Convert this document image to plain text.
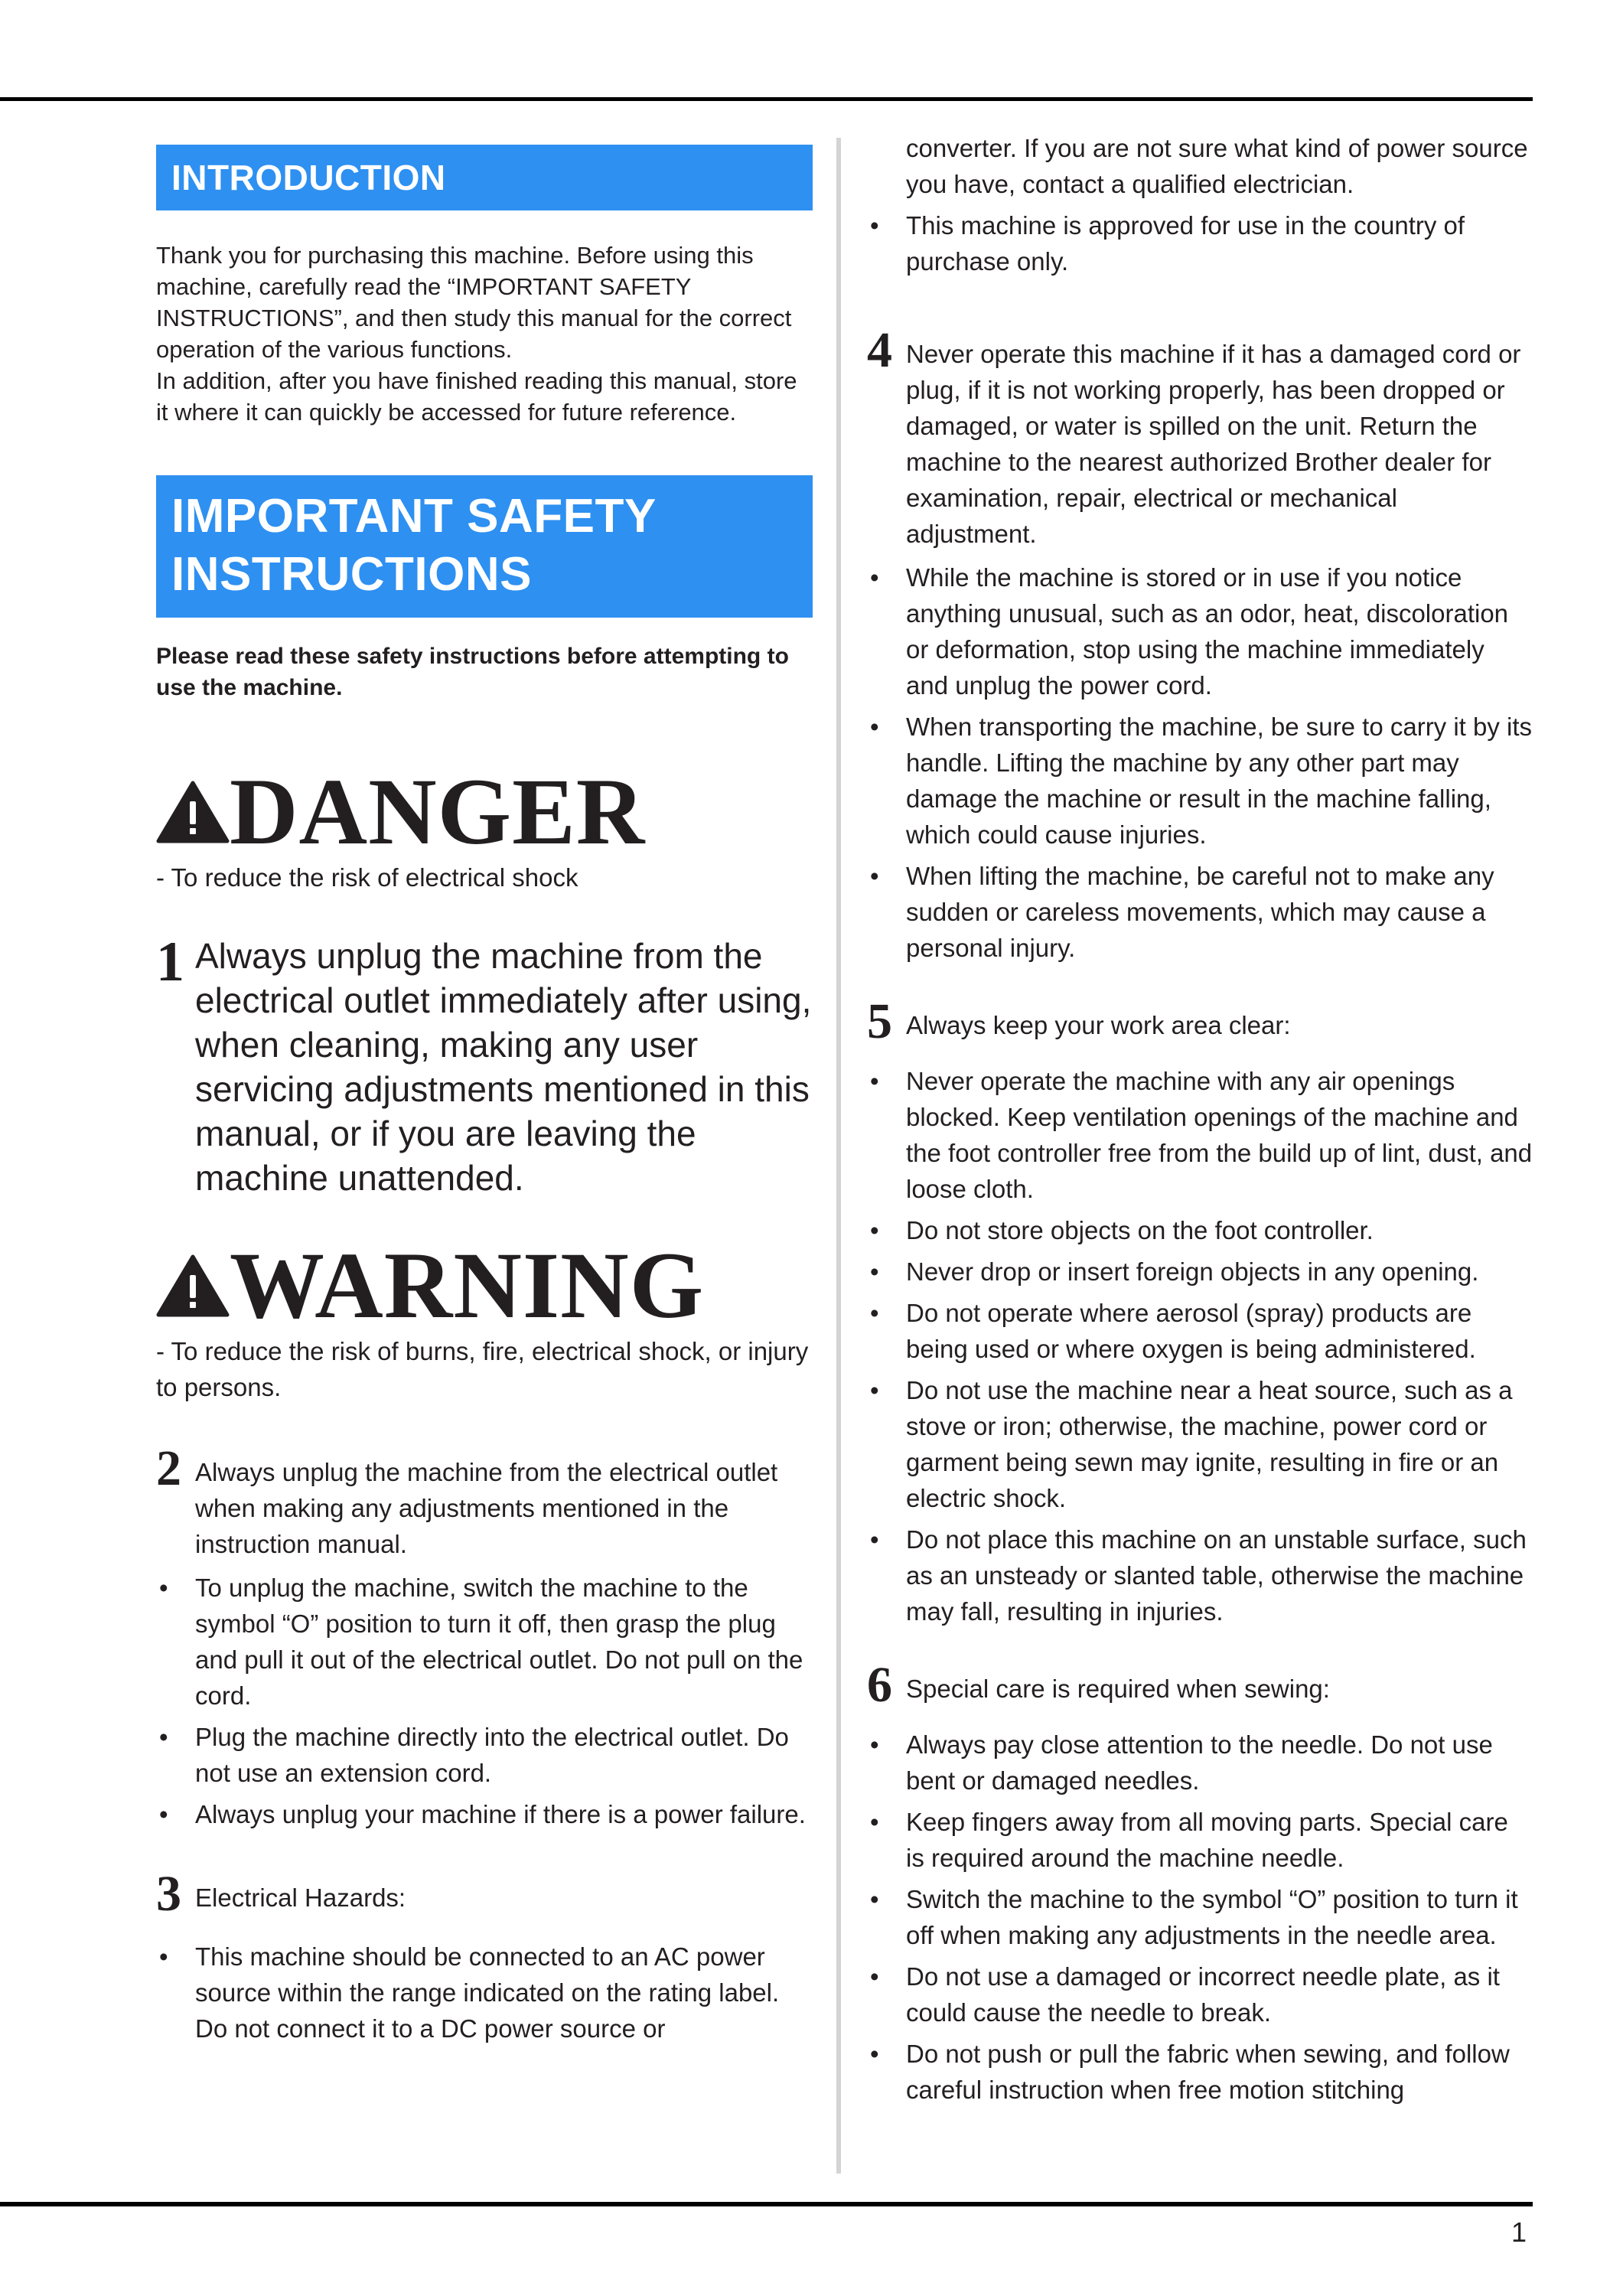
INTRODUCTION

Thank you for purchasing this machine. Before using this machine, carefully read the “IMPORTANT SAFETY INSTRUCTIONS”, and then study this manual for the correct operation of the various functions.

In addition, after you have finished reading this manual, store it where it can quickly be accessed for future reference.

IMPORTANT SAFETY INSTRUCTIONS

Please read these safety instructions before attempting to use the machine.

DANGER

- To reduce the risk of electrical shock

1 Always unplug the machine from the electrical outlet immediately after using, when cleaning, making any user servicing adjustments mentioned in this manual, or if you are leaving the machine unattended.
WARNING

- To reduce the risk of burns, fire, electrical shock, or injury to persons.

2 Always unplug the machine from the electrical outlet when making any adjustments mentioned in the instruction manual.
• To unplug the machine, switch the machine to the symbol “O” position to turn it off, then grasp the plug and pull it out of the electrical outlet. Do not pull on the cord.
• Plug the machine directly into the electrical outlet. Do not use an extension cord.
• Always unplug your machine if there is a power failure.
3 Electrical Hazards:
• This machine should be connected to an AC power source within the range indicated on the rating label. Do not connect it to a DC power source or
converter. If you are not sure what kind of power source you have, contact a qualified electrician.
• This machine is approved for use in the country of purchase only.
4 Never operate this machine if it has a damaged cord or plug, if it is not working properly, has been dropped or damaged, or water is spilled on the unit. Return the machine to the nearest authorized Brother dealer for examination, repair, electrical or mechanical adjustment.
• While the machine is stored or in use if you notice anything unusual, such as an odor, heat, discoloration or deformation, stop using the machine immediately and unplug the power cord.
• When transporting the machine, be sure to carry it by its handle. Lifting the machine by any other part may damage the machine or result in the machine falling, which could cause injuries.
• When lifting the machine, be careful not to make any sudden or careless movements, which may cause a personal injury.
5 Always keep your work area clear:
• Never operate the machine with any air openings blocked. Keep ventilation openings of the machine and the foot controller free from the build up of lint, dust, and loose cloth.
• Do not store objects on the foot controller.
• Never drop or insert foreign objects in any opening.
• Do not operate where aerosol (spray) products are being used or where oxygen is being administered.
• Do not use the machine near a heat source, such as a stove or iron; otherwise, the machine, power cord or garment being sewn may ignite, resulting in fire or an electric shock.
• Do not place this machine on an unstable surface, such as an unsteady or slanted table, otherwise the machine may fall, resulting in injuries.
6 Special care is required when sewing:
• Always pay close attention to the needle. Do not use bent or damaged needles.
• Keep fingers away from all moving parts. Special care is required around the machine needle.
• Switch the machine to the symbol “O” position to turn it off when making any adjustments in the needle area.
• Do not use a damaged or incorrect needle plate, as it could cause the needle to break.
• Do not push or pull the fabric when sewing, and follow careful instruction when free motion stitching
1
